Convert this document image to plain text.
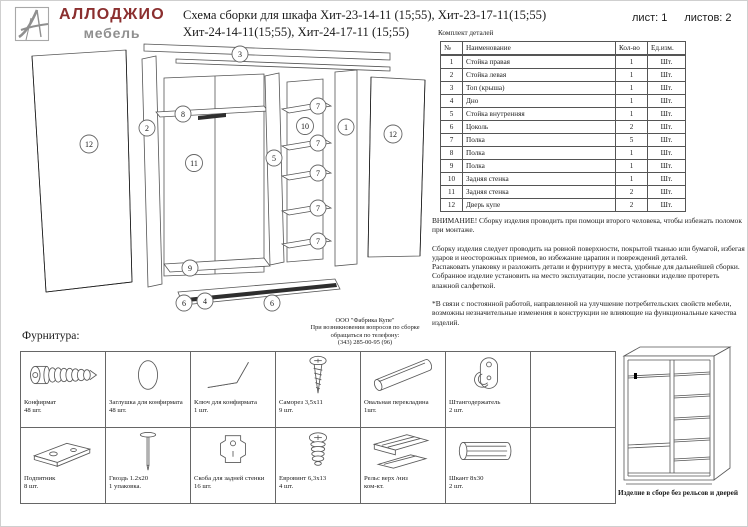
АЛЛОДЖИО
мебель
Схема сборки для шкафа Хит-23-14-11 (15;55), Хит-23-17-11(15;55)
Хит-24-14-11(15;55), Хит-24-17-11 (15;55)
лист: 1 листов: 2
3
12
2
8
11
9
5
10
7
7
7
7
7
1
12
6 4	6
ООО "Фабрика Купе"
При возникновении вопросов по сборке
обращаться по телефону:
(343) 285-00-95 (96)
Комплект деталей
№	Наименование	Кол-во	Ед.изм.
1	Стойка правая	1	Шт.
2	Стойка левая	1	Шт.
3	Топ (крыша)	1	Шт.
4	Дно	1	Шт.
5	Стойка внутренняя	1	Шт.
6	Цоколь	2	Шт.
7	Полка	5	Шт.
8	Полка	1	Шт.
9	Полка	1	Шт.
10	Задняя стенка	1	Шт.
11	Задняя стенка	2	Шт.
12	Дверь купе	2	Шт.
ВНИМАНИЕ! Сборку изделия проводить при помощи второго человека, чтобы избежать поломок при монтаже.
Сборку изделия следует проводить на ровной поверхности, покрытой тканью или бумагой, избегая ударов и неосторожных приемов, во избежание царапин и повреждений деталей.
Распаковать упаковку и разложить детали и фурнитуру в места, удобные для дальнейшей сборки.
Собранное изделие установить на место эксплуатации, после установки изделие протереть влажной салфеткой.
*В связи с постоянной работой, направленной на улучшение потребительских свойств мебели, возможны незначительные изменения в конструкции не влияющие на функциональные качества изделий.
Фурнитура:
Конфирмат
48 шт.
Заглушка для конфирмата
48 шт.
Ключ для конфирмата
1 шт.
Саморез 3,5х11
9 шт.
Овальная перекладина
1шт.
Штангодержатель
2 шт.
Подпятник
8 шт.
Гвоздь 1.2х20
1 упаковка.
Скоба для задней стенки
16 шт.
Евровинт 6,3х13
4 шт.
Рельс верх /низ
ком-кт.
Шкант 8х30
2 шт.
Изделие в сборе без рельсов и дверей
